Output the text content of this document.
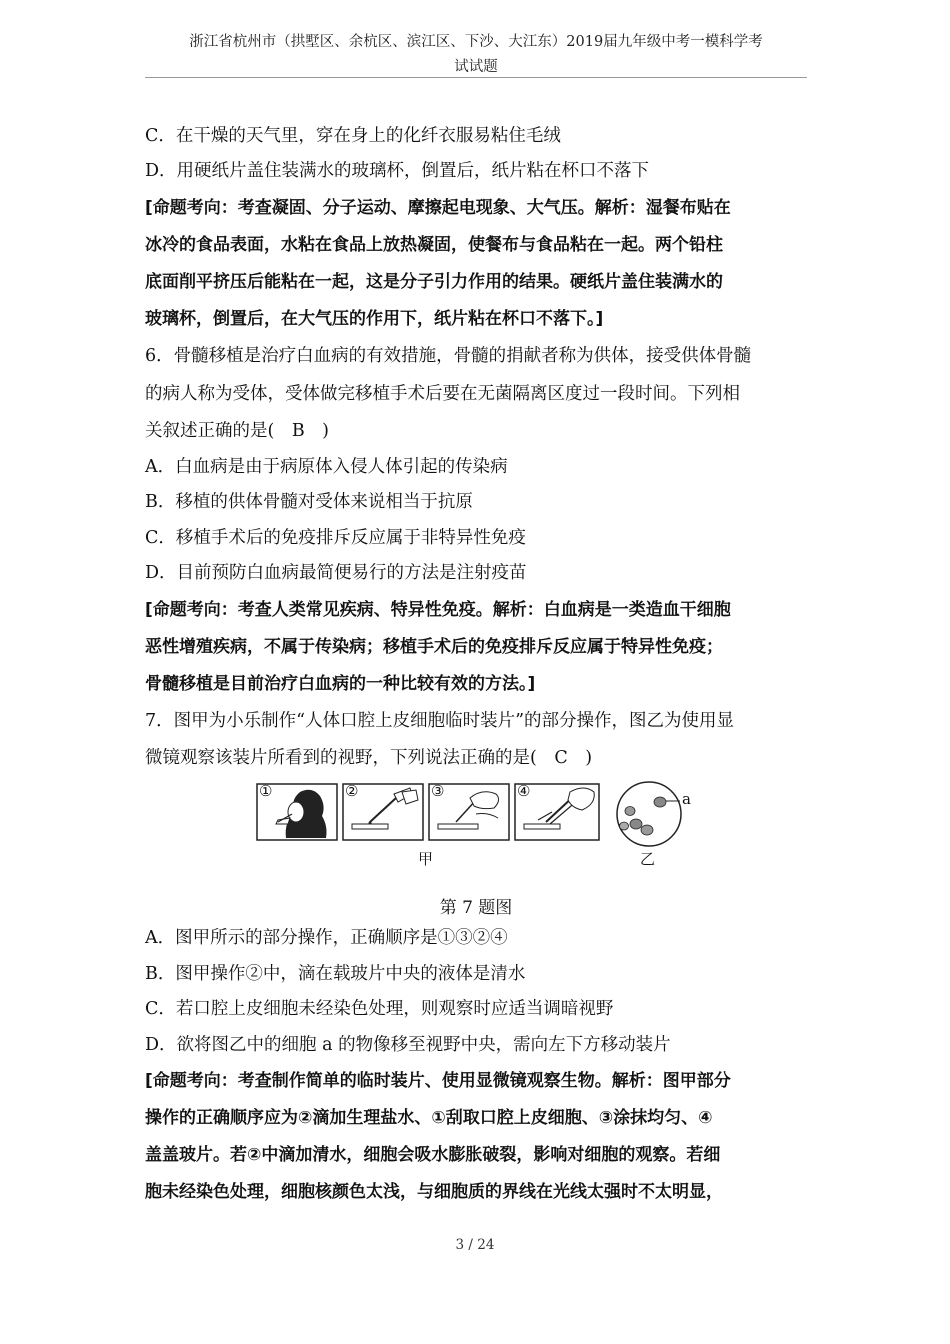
浙江省杭州市（拱墅区、余杭区、滨江区、下沙、大江东）2019届九年级中考一模科学考
试试题
C．在干燥的天气里，穿在身上的化纤衣服易粘住毛绒
D．用硬纸片盖住装满水的玻璃杯，倒置后，纸片粘在杯口不落下
[命题考向：考查凝固、分子运动、摩擦起电现象、大气压。解析：湿餐布贴在
冰冷的食品表面，水粘在食品上放热凝固，使餐布与食品粘在一起。两个铅柱
底面削平挤压后能粘在一起，这是分子引力作用的结果。硬纸片盖住装满水的
玻璃杯，倒置后，在大气压的作用下，纸片粘在杯口不落下。]
6．骨髓移植是治疗白血病的有效措施，骨髓的捐献者称为供体，接受供体骨髓
的病人称为受体，受体做完移植手术后要在无菌隔离区度过一段时间。下列相
关叙述正确的是(　B　)
A．白血病是由于病原体入侵人体引起的传染病
B．移植的供体骨髓对受体来说相当于抗原
C．移植手术后的免疫排斥反应属于非特异性免疫
D．目前预防白血病最简便易行的方法是注射疫苗
[命题考向：考查人类常见疾病、特异性免疫。解析：白血病是一类造血干细胞
恶性增殖疾病，不属于传染病；移植手术后的免疫排斥反应属于特异性免疫；
骨髓移植是目前治疗白血病的一种比较有效的方法。]
7．图甲为小乐制作“人体口腔上皮细胞临时装片”的部分操作，图乙为使用显
微镜观察该装片所看到的视野，下列说法正确的是(　C　)
①	②	③	④	a
甲	乙
第 7 题图
A．图甲所示的部分操作，正确顺序是①③②④
B．图甲操作②中，滴在载玻片中央的液体是清水
C．若口腔上皮细胞未经染色处理，则观察时应适当调暗视野
D．欲将图乙中的细胞 a 的物像移至视野中央，需向左下方移动装片
[命题考向：考查制作简单的临时装片、使用显微镜观察生物。解析：图甲部分
操作的正确顺序应为②滴加生理盐水、①刮取口腔上皮细胞、③涂抹均匀、④
盖盖玻片。若②中滴加清水，细胞会吸水膨胀破裂，影响对细胞的观察。若细
胞未经染色处理，细胞核颜色太浅，与细胞质的界线在光线太强时不太明显，
3 / 24
